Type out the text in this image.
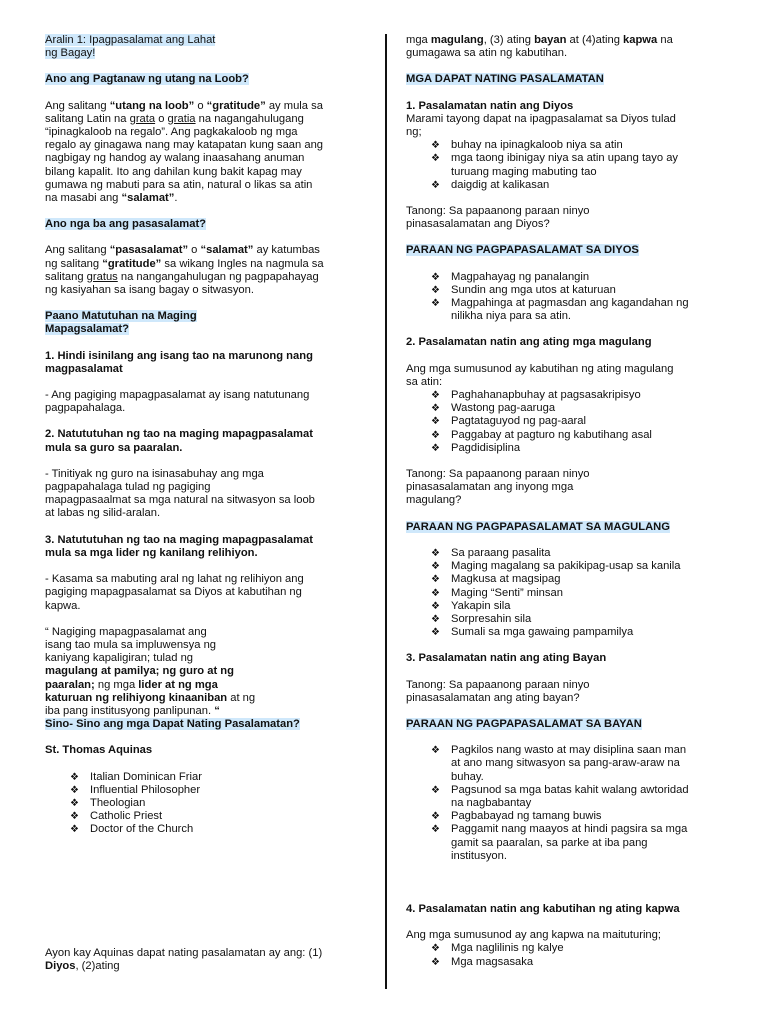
Aralin 1: Ipagpasalamat ang Lahat

ng Bagay!

Ano ang Pagtanaw ng utang na Loob?

Ang salitang “utang na loob” o “gratitude” ay mula sa

salitang Latin na grata o gratia na nagangahulugang

“ipinagkaloob na regalo”. Ang pagkakaloob ng mga

regalo ay ginagawa nang may katapatan kung saan ang

nagbigay ng handog ay walang inaasahang anuman

bilang kapalit. Ito ang dahilan kung bakit kapag may

gumawa ng mabuti para sa atin, natural o likas sa atin

na masabi ang “salamat”.

Ano nga ba ang pasasalamat?

Ang salitang “pasasalamat” o “salamat” ay katumbas

ng salitang “gratitude” sa wikang Ingles na nagmula sa

salitang gratus na nangangahulugan ng pagpapahayag

ng kasiyahan sa isang bagay o sitwasyon.

Paano Matutuhan na Maging

Mapagsalamat?

1. Hindi isinilang ang isang tao na marunong nang

magpasalamat

- Ang pagiging mapagpasalamat ay isang natutunang

pagpapahalaga.

2. Natututuhan ng tao na maging mapagpasalamat

mula sa guro sa paaralan.

- Tinitiyak ng guro na isinasabuhay ang mga

pagpapahalaga tulad ng pagiging

mapagpasaalmat sa mga natural na sitwasyon sa loob

at labas ng silid-aralan.

3. Natututuhan ng tao na maging mapagpasalamat

mula sa mga lider ng kanilang relihiyon.

- Kasama sa mabuting aral ng lahat ng relihiyon ang

pagiging mapagpasalamat sa Diyos at kabutihan ng

kapwa.

“ Nagiging mapagpasalamat ang

isang tao mula sa impluwensya ng

kaniyang kapaligiran; tulad ng

magulang at pamilya; ng guro at ng

paaralan; ng mga lider at ng mga

katuruan ng relihiyong kinaaniban at ng

iba pang institusyong panlipunan. “

Sino- Sino ang mga Dapat Nating Pasalamatan?

St. Thomas Aquinas

❖ Italian Dominican Friar
❖ Influential Philosopher
❖ Theologian
❖ Catholic Priest
❖ Doctor of the Church

Ayon kay Aquinas dapat nating pasalamatan ay ang: (1)

Diyos, (2)ating

mga magulang, (3) ating bayan at (4)ating kapwa na

gumagawa sa atin ng kabutihan.

MGA DAPAT NATING PASALAMATAN

1. Pasalamatan natin ang Diyos

Marami tayong dapat na ipagpasalamat sa Diyos tulad

ng;

❖ buhay na ipinagkaloob niya sa atin
❖ mga taong ibinigay niya sa atin upang tayo ay
turuang maging mabuting tao
❖ daigdig at kalikasan

Tanong: Sa papaanong paraan ninyo

pinasasalamatan ang Diyos?

PARAAN NG PAGPAPASALAMAT SA DIYOS

❖ Magpahayag ng panalangin
❖ Sundin ang mga utos at katuruan
❖ Magpahinga at pagmasdan ang kagandahan ng
nilikha niya para sa atin.

2. Pasalamatan natin ang ating mga magulang

Ang mga sumusunod ay kabutihan ng ating magulang

sa atin:

❖ Paghahanapbuhay at pagsasakripisyo
❖ Wastong pag-aaruga
❖ Pagtataguyod ng pag-aaral
❖ Paggabay at pagturo ng kabutihang asal
❖ Pagdidisiplina

Tanong: Sa papaanong paraan ninyo

pinasasalamatan ang inyong mga

magulang?

PARAAN NG PAGPAPASALAMAT SA MAGULANG

❖ Sa paraang pasalita
❖ Maging magalang sa pakikipag-usap sa kanila
❖ Magkusa at magsipag
❖ Maging “Senti” minsan
❖ Yakapin sila
❖ Sorpresahin sila
❖ Sumali sa mga gawaing pampamilya

3. Pasalamatan natin ang ating Bayan

Tanong: Sa papaanong paraan ninyo

pinasasalamatan ang ating bayan?

PARAAN NG PAGPAPASALAMAT SA BAYAN

❖ Pagkilos nang wasto at may disiplina saan man
at ano mang sitwasyon sa pang-araw-araw na
buhay.
❖ Pagsunod sa mga batas kahit walang awtoridad
na nagbabantay
❖ Pagbabayad ng tamang buwis
❖ Paggamit nang maayos at hindi pagsira sa mga
gamit sa paaralan, sa parke at iba pang
institusyon.

4. Pasalamatan natin ang kabutihan ng ating kapwa

Ang mga sumusunod ay ang kapwa na maituturing;

❖ Mga naglilinis ng kalye
❖ Mga magsasaka
